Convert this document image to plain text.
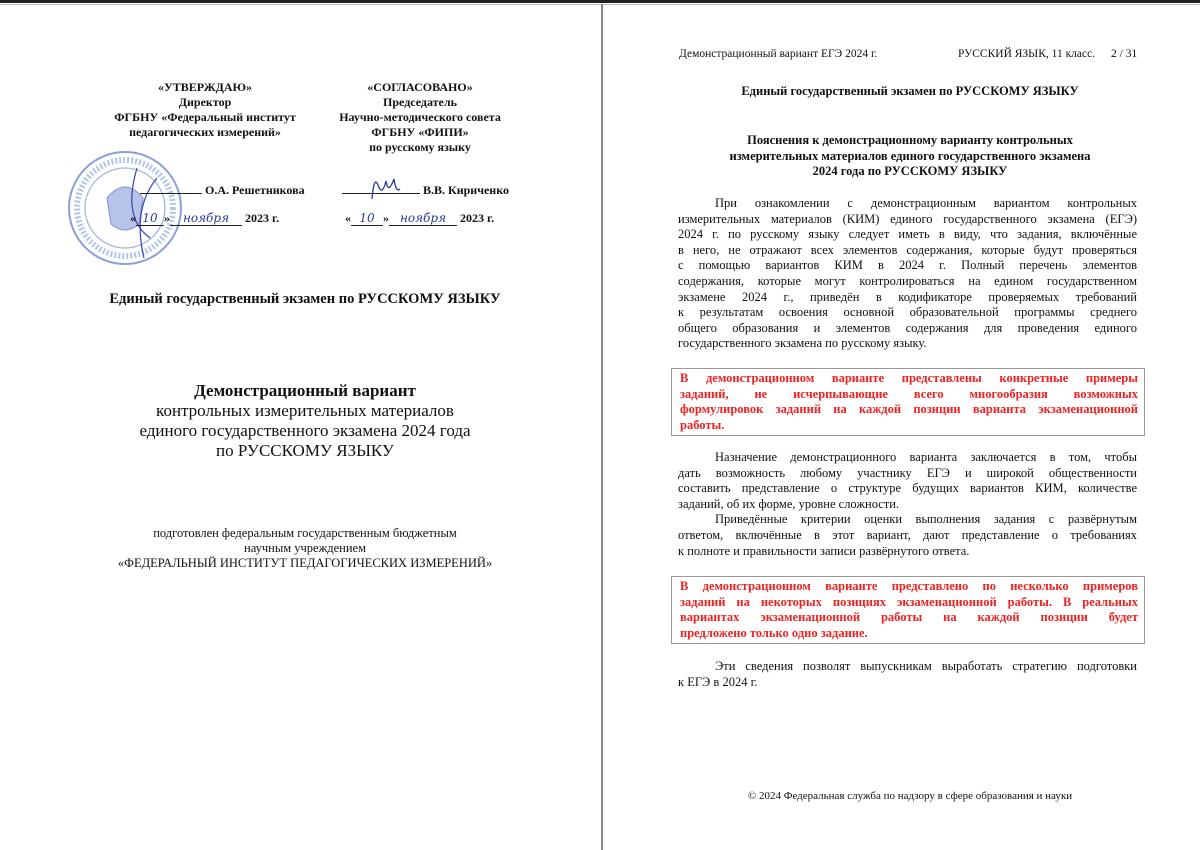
«УТВЕРЖДАЮ»
Директор
ФГБНУ «Федеральный институт
педагогических измерений»
«СОГЛАСОВАНО»
Председатель
Научно-методического совета
ФГБНУ «ФИПИ»
по русскому языку
О.А. Решетникова
« 10 » ноября 2023 г.
В.В. Кириченко
« 10 » ноября 2023 г.
Единый государственный экзамен по РУССКОМУ ЯЗЫКУ
Демонстрационный вариант
контрольных измерительных материалов
единого государственного экзамена 2024 года
по РУССКОМУ ЯЗЫКУ
подготовлен федеральным государственным бюджетным
научным учреждением
«ФЕДЕРАЛЬНЫЙ ИНСТИТУТ ПЕДАГОГИЧЕСКИХ ИЗМЕРЕНИЙ»
Демонстрационный вариант ЕГЭ 2024 г.	РУССКИЙ ЯЗЫК, 11 класс. 2 / 31
Единый государственный экзамен по РУССКОМУ ЯЗЫКУ
Пояснения к демонстрационному варианту контрольных
измерительных материалов единого государственного экзамена
2024 года по РУССКОМУ ЯЗЫКУ
При ознакомлении с демонстрационным вариантом контрольных
измерительных материалов (КИМ) единого государственного экзамена (ЕГЭ)
2024 г. по русскому языку следует иметь в виду, что задания, включённые
в него, не отражают всех элементов содержания, которые будут проверяться
с помощью вариантов КИМ в 2024 г. Полный перечень элементов
содержания, которые могут контролироваться на едином государственном
экзамене 2024 г., приведён в кодификаторе проверяемых требований
к результатам освоения основной образовательной программы среднего
общего образования и элементов содержания для проведения единого
государственного экзамена по русскому языку.
В демонстрационном варианте представлены конкретные примеры
заданий, не исчерпывающие всего многообразия возможных
формулировок заданий на каждой позиции варианта экзаменационной
работы.
Назначение демонстрационного варианта заключается в том, чтобы
дать возможность любому участнику ЕГЭ и широкой общественности
составить представление о структуре будущих вариантов КИМ, количестве
заданий, об их форме, уровне сложности.
Приведённые критерии оценки выполнения задания с развёрнутым
ответом, включённые в этот вариант, дают представление о требованиях
к полноте и правильности записи развёрнутого ответа.
В демонстрационном варианте представлено по несколько примеров
заданий на некоторых позициях экзаменационной работы. В реальных
вариантах экзаменационной работы на каждой позиции будет
предложено только одно задание.
Эти сведения позволят выпускникам выработать стратегию подготовки
к ЕГЭ в 2024 г.
© 2024 Федеральная служба по надзору в сфере образования и науки
